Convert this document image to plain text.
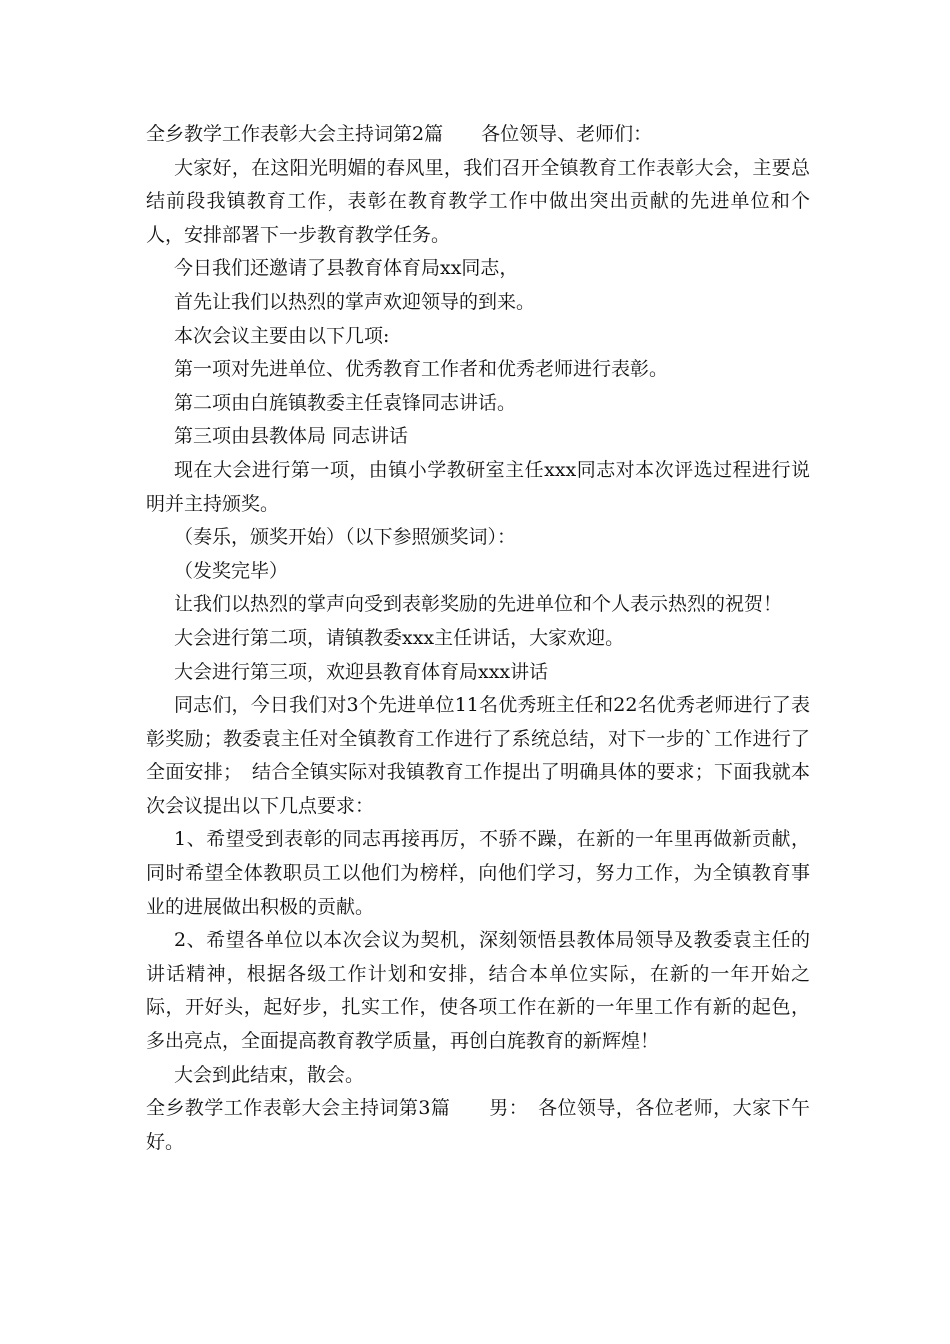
全乡教学工作表彰大会主持词第2篇　　各位领导、老师们：

大家好，在这阳光明媚的春风里，我们召开全镇教育工作表彰大会，主要总结前段我镇教育工作，表彰在教育教学工作中做出突出贡献的先进单位和个人，安排部署下一步教育教学任务。

今日我们还邀请了县教育体育局xx同志，

首先让我们以热烈的掌声欢迎领导的到来。

本次会议主要由以下几项:

第一项对先进单位、优秀教育工作者和优秀老师进行表彰。

第二项由白旄镇教委主任袁锋同志讲话。

第三项由县教体局 同志讲话

现在大会进行第一项，由镇小学教研室主任xxx同志对本次评选过程进行说明并主持颁奖。

（奏乐，颁奖开始）（以下参照颁奖词）：

（发奖完毕）

让我们以热烈的掌声向受到表彰奖励的先进单位和个人表示热烈的祝贺！

大会进行第二项，请镇教委xxx主任讲话，大家欢迎。

大会进行第三项，欢迎县教育体育局xxx讲话

同志们，今日我们对3个先进单位11名优秀班主任和22名优秀老师进行了表彰奖励；教委袁主任对全镇教育工作进行了系统总结，对下一步的`工作进行了全面安排；　结合全镇实际对我镇教育工作提出了明确具体的要求；下面我就本次会议提出以下几点要求：

1、希望受到表彰的同志再接再厉，不骄不躁，在新的一年里再做新贡献，同时希望全体教职员工以他们为榜样，向他们学习，努力工作，为全镇教育事业的进展做出积极的贡献。

2、希望各单位以本次会议为契机，深刻领悟县教体局领导及教委袁主任的讲话精神，根据各级工作计划和安排，结合本单位实际，在新的一年开始之际，开好头，起好步，扎实工作，使各项工作在新的一年里工作有新的起色，多出亮点，全面提高教育教学质量，再创白旄教育的新辉煌！

大会到此结束，散会。

全乡教学工作表彰大会主持词第3篇　　男：　各位领导，各位老师，大家下午好。
